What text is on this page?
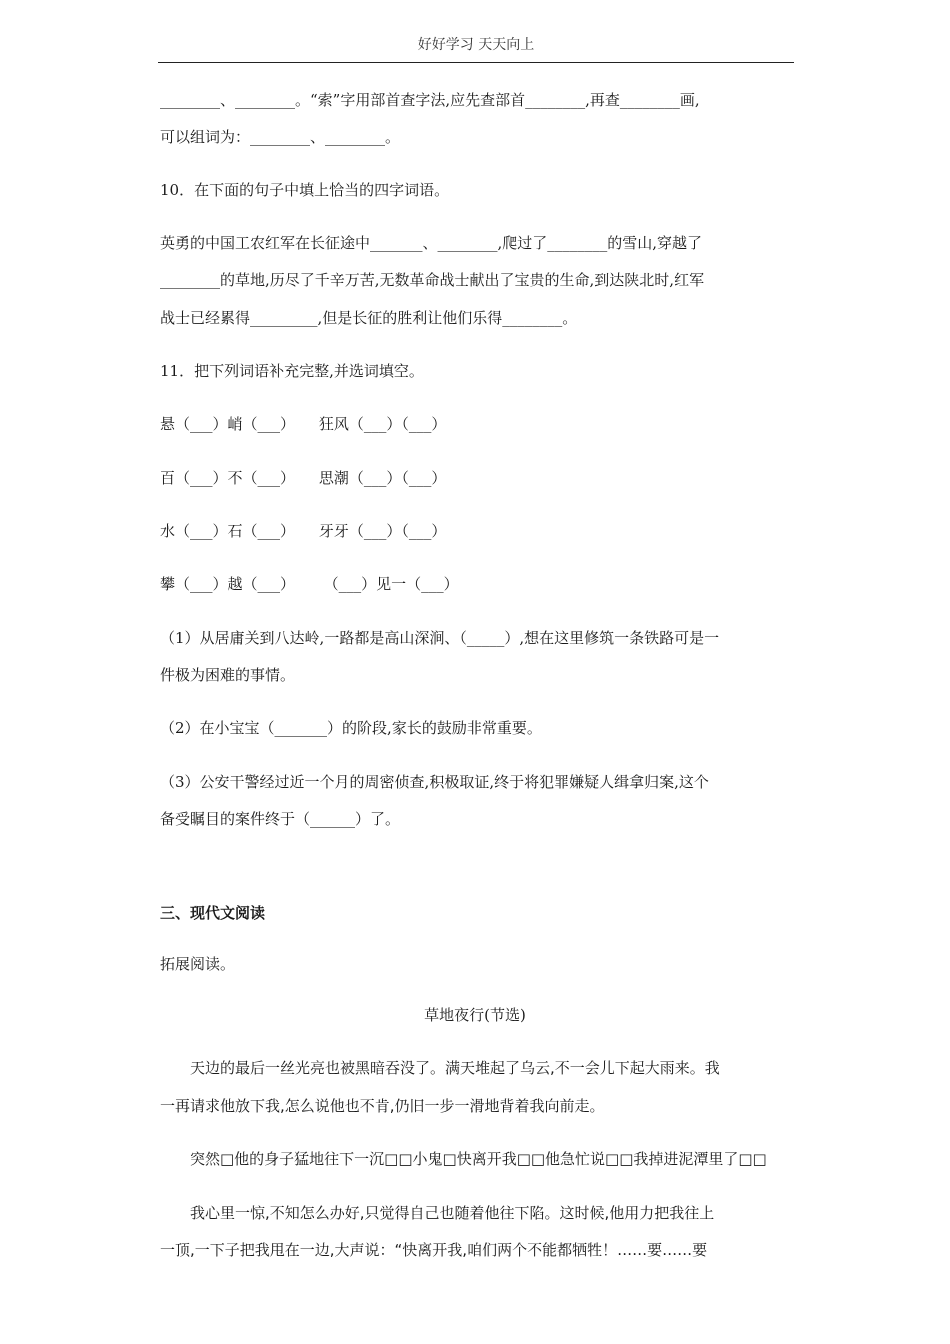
好好学习 天天向上
________、________。“索”字用部首查字法,应先查部首________,再查________画,
可以组词为：________、________。
10．在下面的句子中填上恰当的四字词语。
英勇的中国工农红军在长征途中_______、________,爬过了________的雪山,穿越了
________的草地,历尽了千辛万苦,无数革命战士献出了宝贵的生命,到达陕北时,红军
战士已经累得_________,但是长征的胜利让他们乐得________。
11．把下列词语补充完整,并选词填空。
悬（___）峭（___）     狂风（___）（___）
百（___）不（___）     思潮（___）（___）
水（___）石（___）     牙牙（___）（___）
攀（___）越（___）      （___）见一（___）
（1）从居庸关到八达岭,一路都是高山深涧、（_____）,想在这里修筑一条铁路可是一
件极为困难的事情。
（2）在小宝宝（_______）的阶段,家长的鼓励非常重要。
（3）公安干警经过近一个月的周密侦查,积极取证,终于将犯罪嫌疑人缉拿归案,这个
备受瞩目的案件终于（______）了。
三、现代文阅读
拓展阅读。
草地夜行(节选)
天边的最后一丝光亮也被黑暗吞没了。满天堆起了乌云,不一会儿下起大雨来。我
一再请求他放下我,怎么说他也不肯,仍旧一步一滑地背着我向前走。
突然□他的身子猛地往下一沉□□小鬼□快离开我□□他急忙说□□我掉进泥潭里了□□
我心里一惊,不知怎么办好,只觉得自己也随着他往下陷。这时候,他用力把我往上
一顶,一下子把我甩在一边,大声说：“快离开我,咱们两个不能都牺牲！……要……要
